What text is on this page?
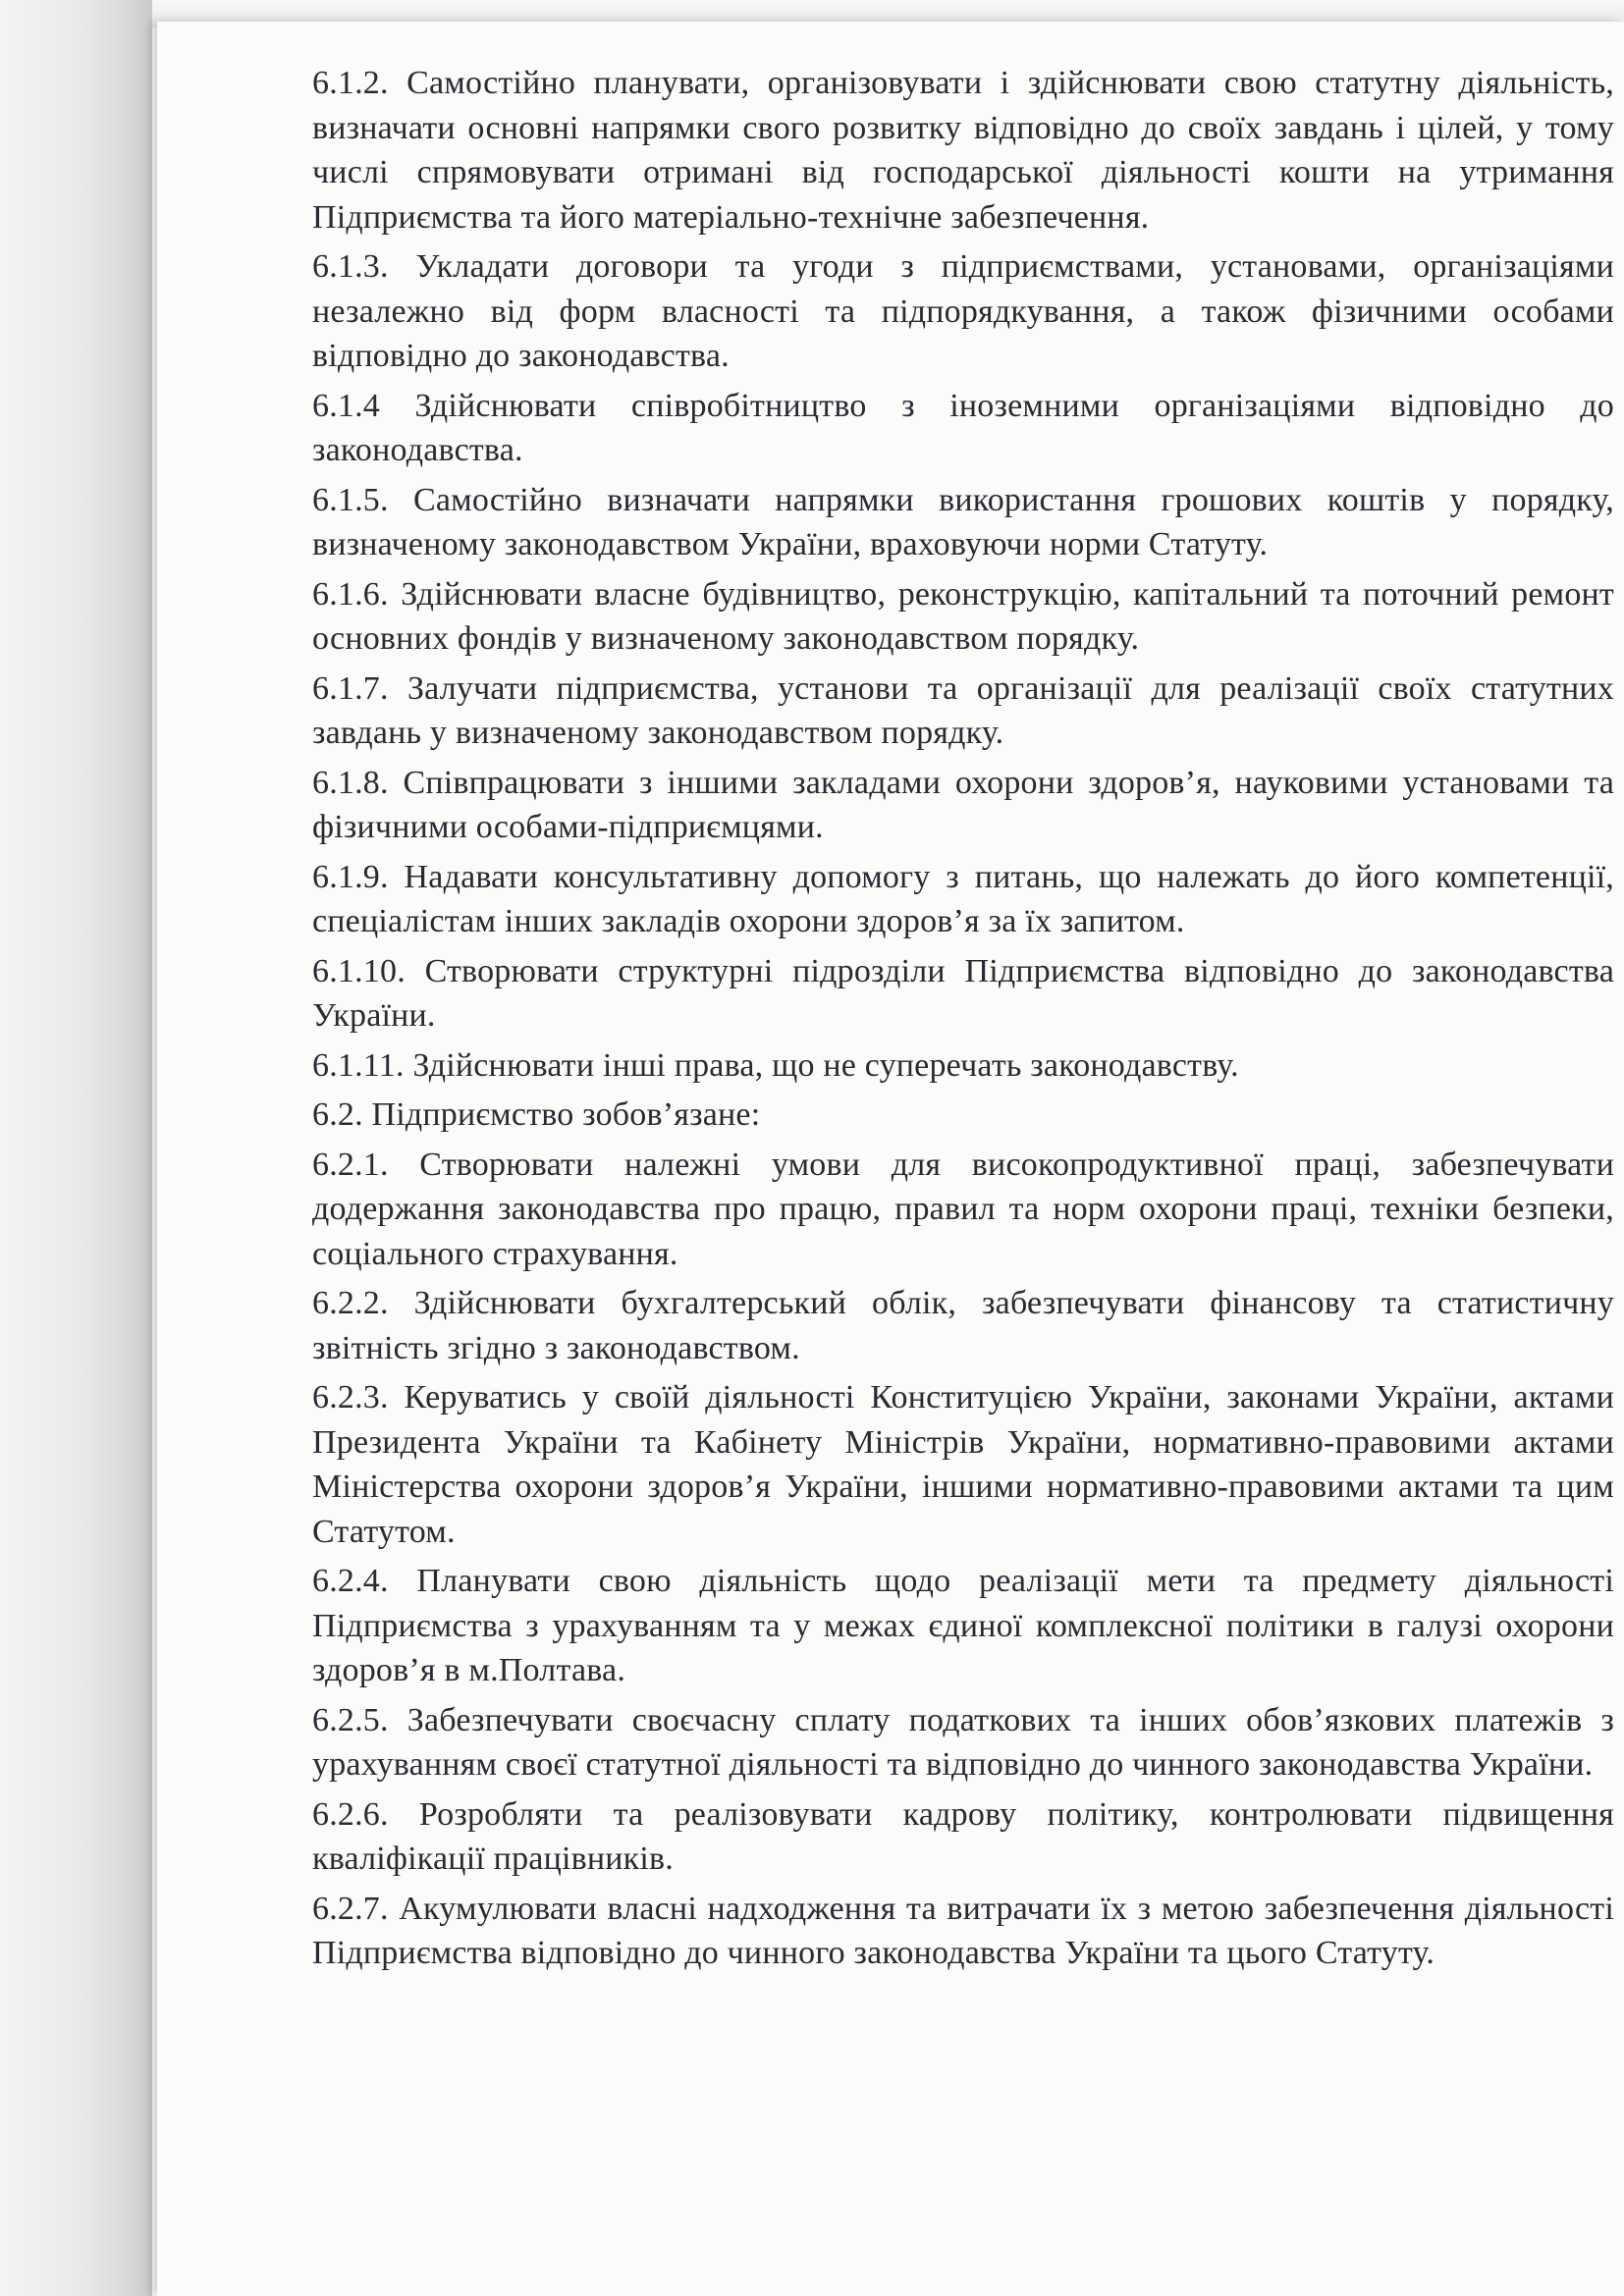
6.1.2. Самостійно планувати, організовувати і здійснювати свою статутну діяльність, визначати основні напрямки свого розвитку відповідно до своїх завдань і цілей, у тому числі спрямовувати отримані від господарської діяльності кошти на утримання Підприємства та його матеріально-технічне забезпечення.

6.1.3. Укладати договори та угоди з підприємствами, установами, організаціями незалежно від форм власності та підпорядкування, а також фізичними особами відповідно до законодавства.

6.1.4 Здійснювати співробітництво з іноземними організаціями відповідно до законодавства.

6.1.5. Самостійно визначати напрямки використання грошових коштів у порядку, визначеному законодавством України, враховуючи норми Статуту.

6.1.6. Здійснювати власне будівництво, реконструкцію, капітальний та поточний ремонт основних фондів у визначеному законодавством порядку.

6.1.7. Залучати підприємства, установи та організації для реалізації своїх статутних завдань у визначеному законодавством порядку.

6.1.8. Співпрацювати з іншими закладами охорони здоров’я, науковими установами та фізичними особами-підприємцями.

6.1.9. Надавати консультативну допомогу з питань, що належать до його компетенції, спеціалістам інших закладів охорони здоров’я за їх запитом.

6.1.10. Створювати структурні підрозділи Підприємства відповідно до законодавства України.

6.1.11. Здійснювати інші права, що не суперечать законодавству.

6.2. Підприємство зобов’язане:

6.2.1. Створювати належні умови для високопродуктивної праці, забезпечувати додержання законодавства про працю, правил та норм охорони праці, техніки безпеки, соціального страхування.

6.2.2. Здійснювати бухгалтерський облік, забезпечувати фінансову та статистичну звітність згідно з законодавством.

6.2.3. Керуватись у своїй діяльності Конституцією України, законами України, актами Президента України та Кабінету Міністрів України, нормативно-правовими актами Міністерства охорони здоров’я України, іншими нормативно-правовими актами та цим Статутом.

6.2.4. Планувати свою діяльність щодо реалізації мети та предмету діяльності Підприємства з урахуванням та у межах єдиної комплексної політики в галузі охорони здоров’я в м.Полтава.

6.2.5. Забезпечувати своєчасну сплату податкових та інших обов’язкових платежів з урахуванням своєї статутної діяльності та відповідно до чинного законодавства України.

6.2.6. Розробляти та реалізовувати кадрову політику, контролювати підвищення кваліфікації працівників.

6.2.7. Акумулювати власні надходження та витрачати їх з метою забезпечення діяльності Підприємства відповідно до чинного законодавства України та цього Статуту.
